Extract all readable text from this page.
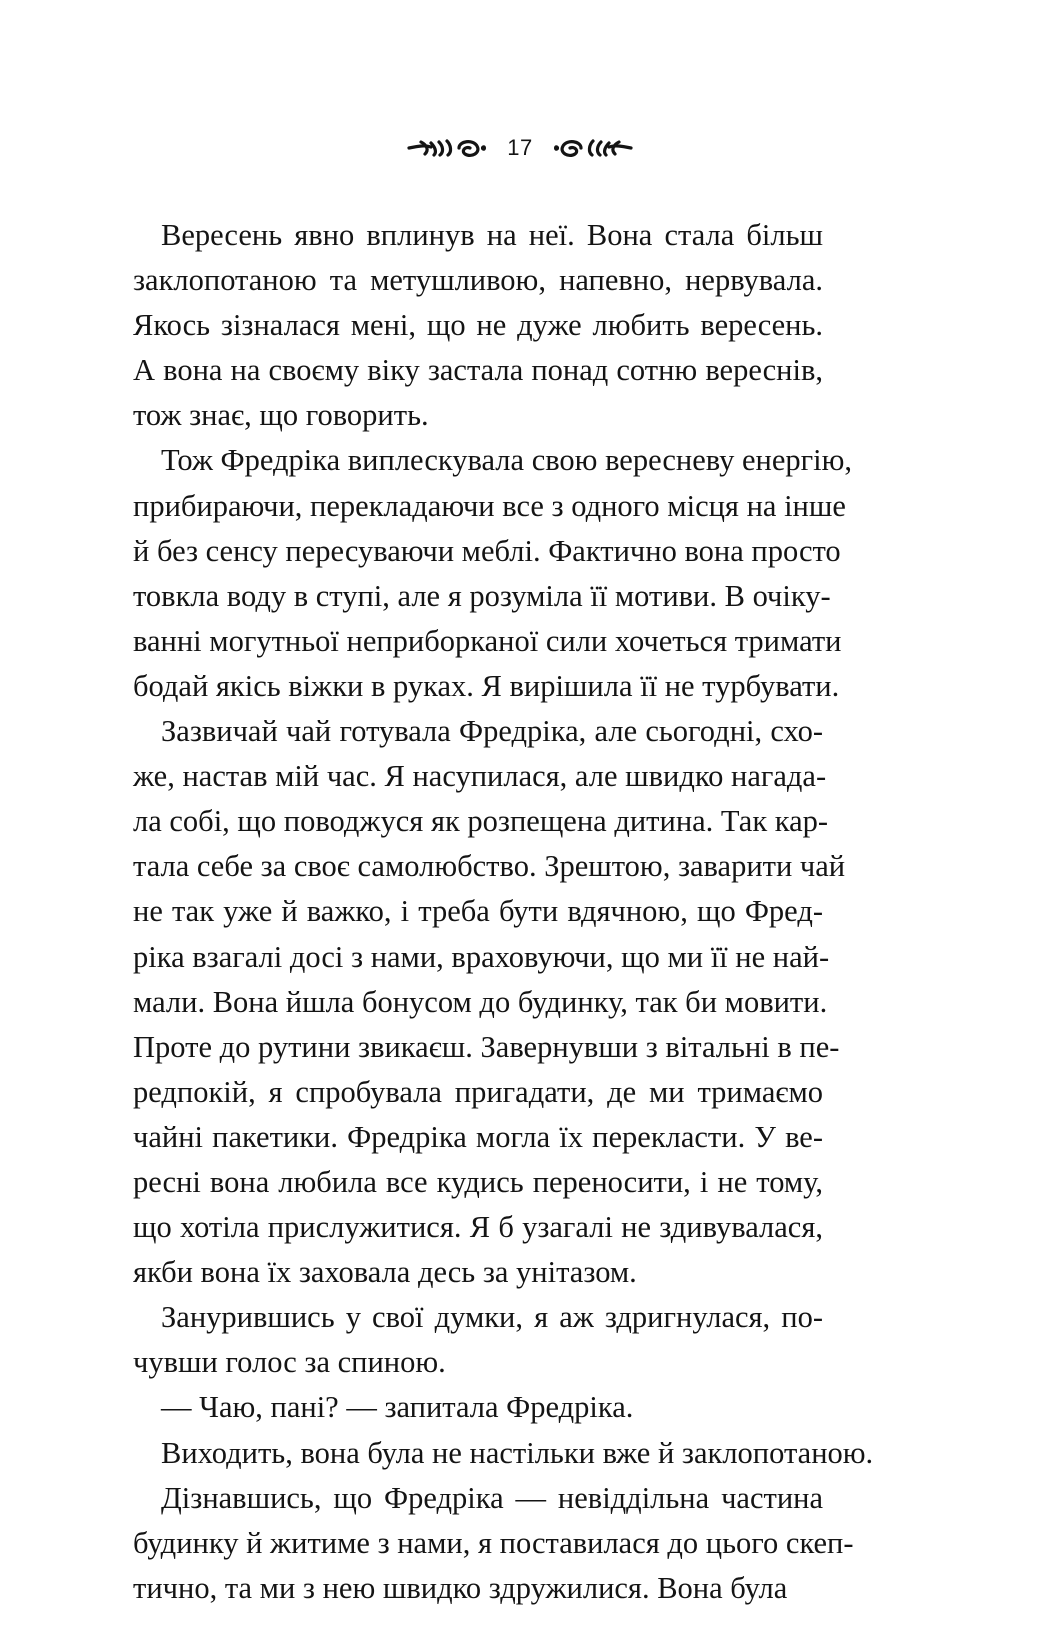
17
Вересень явно вплинув на неї. Вона стала більш
заклопотаною та метушливою, напевно, нервувала.
Якось зізналася мені, що не дуже любить вересень.
А вона на своєму віку застала понад сотню вереснів,
тож знає, що говорить.
Тож Фредріка виплескувала свою вересневу енергію,
прибираючи, перекладаючи все з одного місця на інше
й без сенсу пересуваючи меблі. Фактично вона просто
товкла воду в ступі, але я розуміла її мотиви. В очіку-
ванні могутньої неприборканої сили хочеться тримати
бодай якісь віжки в руках. Я вирішила її не турбувати.
Зазвичай чай готувала Фредріка, але сьогодні, схо-
же, настав мій час. Я насупилася, але швидко нагада-
ла собі, що поводжуся як розпещена дитина. Так кар-
тала себе за своє самолюбство. Зрештою, заварити чай
не так уже й важко, і треба бути вдячною, що Фред-
ріка взагалі досі з нами, враховуючи, що ми її не най-
мали. Вона йшла бонусом до будинку, так би мовити.
Проте до рутини звикаєш. Завернувши з вітальні в пе-
редпокій, я спробувала пригадати, де ми тримаємо
чайні пакетики. Фредріка могла їх перекласти. У ве-
ресні вона любила все кудись переносити, і не тому,
що хотіла прислужитися. Я б узагалі не здивувалася,
якби вона їх заховала десь за унітазом.
Занурившись у свої думки, я аж здригнулася, по-
чувши голос за спиною.
— Чаю, пані? — запитала Фредріка.
Виходить, вона була не настільки вже й заклопотаною.
Дізнавшись, що Фредріка — невіддільна частина
будинку й житиме з нами, я поставилася до цього скеп-
тично, та ми з нею швидко здружилися. Вона була
